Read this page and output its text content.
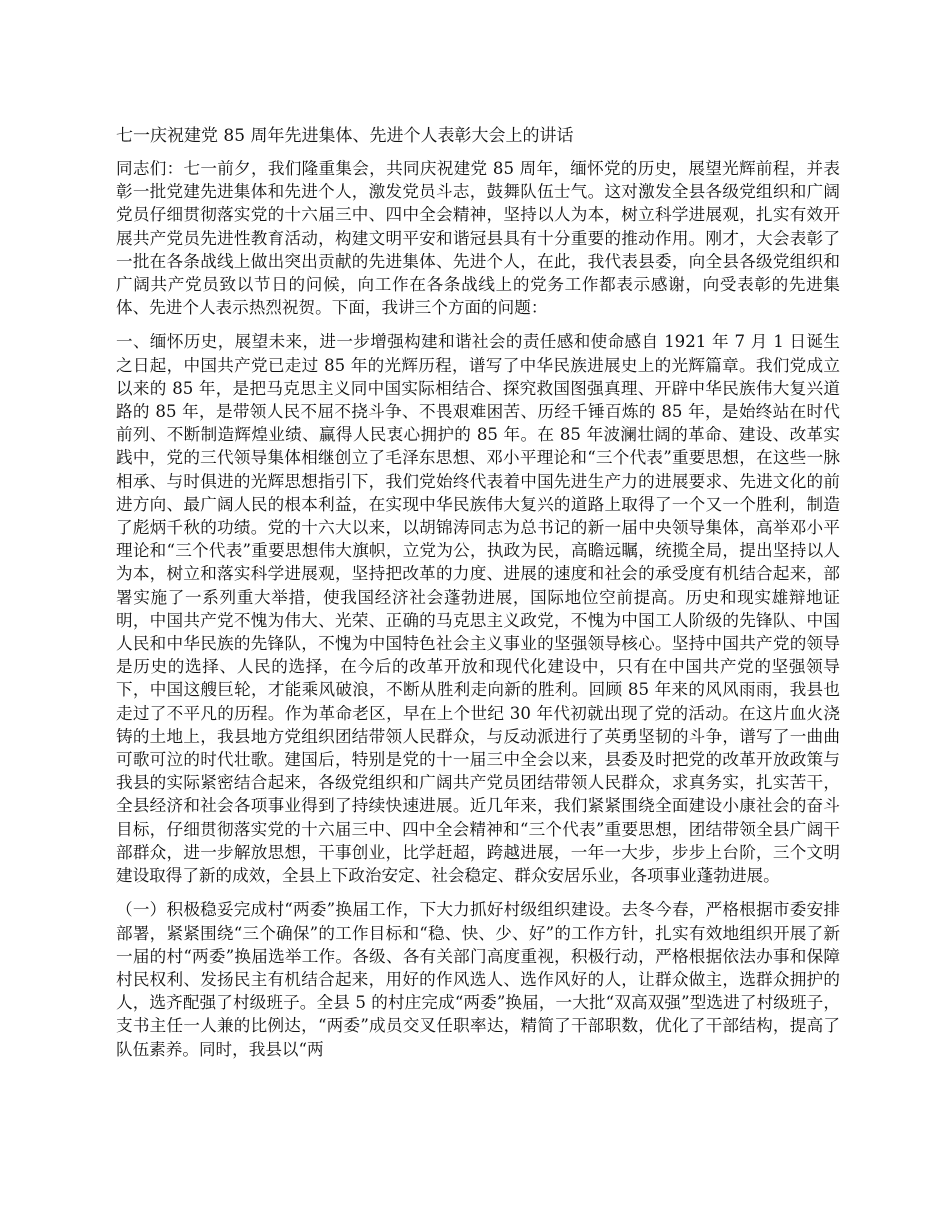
七一庆祝建党 85 周年先进集体、先进个人表彰大会上的讲话

同志们：七一前夕，我们隆重集会，共同庆祝建党 85 周年，缅怀党的历史，展望光辉前程，并表彰一批党建先进集体和先进个人，激发党员斗志，鼓舞队伍士气。这对激发全县各级党组织和广阔党员仔细贯彻落实党的十六届三中、四中全会精神，坚持以人为本，树立科学进展观，扎实有效开展共产党员先进性教育活动，构建文明平安和谐冠县具有十分重要的推动作用。刚才，大会表彰了一批在各条战线上做出突出贡献的先进集体、先进个人，在此，我代表县委，向全县各级党组织和广阔共产党员致以节日的问候，向工作在各条战线上的党务工作都表示感谢，向受表彰的先进集体、先进个人表示热烈祝贺。下面，我讲三个方面的问题：

一、缅怀历史，展望未来，进一步增强构建和谐社会的责任感和使命感自 1921 年 7 月 1 日诞生之日起，中国共产党已走过 85 年的光辉历程，谱写了中华民族进展史上的光辉篇章。我们党成立以来的 85 年，是把马克思主义同中国实际相结合、探究救国图强真理、开辟中华民族伟大复兴道路的 85 年，是带领人民不屈不挠斗争、不畏艰难困苦、历经千锤百炼的 85 年，是始终站在时代前列、不断制造辉煌业绩、赢得人民衷心拥护的 85 年。在 85 年波澜壮阔的革命、建设、改革实践中，党的三代领导集体相继创立了毛泽东思想、邓小平理论和“三个代表”重要思想，在这些一脉相承、与时俱进的光辉思想指引下，我们党始终代表着中国先进生产力的进展要求、先进文化的前进方向、最广阔人民的根本利益，在实现中华民族伟大复兴的道路上取得了一个又一个胜利，制造了彪炳千秋的功绩。党的十六大以来，以胡锦涛同志为总书记的新一届中央领导集体，高举邓小平理论和“三个代表”重要思想伟大旗帜，立党为公，执政为民，高瞻远瞩，统揽全局，提出坚持以人为本，树立和落实科学进展观，坚持把改革的力度、进展的速度和社会的承受度有机结合起来，部署实施了一系列重大举措，使我国经济社会蓬勃进展，国际地位空前提高。历史和现实雄辩地证明，中国共产党不愧为伟大、光荣、正确的马克思主义政党，不愧为中国工人阶级的先锋队、中国人民和中华民族的先锋队，不愧为中国特色社会主义事业的坚强领导核心。坚持中国共产党的领导是历史的选择、人民的选择，在今后的改革开放和现代化建设中，只有在中国共产党的坚强领导下，中国这艘巨轮，才能乘风破浪，不断从胜利走向新的胜利。回顾 85 年来的风风雨雨，我县也走过了不平凡的历程。作为革命老区，早在上个世纪 30 年代初就出现了党的活动。在这片血火浇铸的土地上，我县地方党组织团结带领人民群众，与反动派进行了英勇坚韧的斗争，谱写了一曲曲可歌可泣的时代壮歌。建国后，特别是党的十一届三中全会以来，县委及时把党的改革开放政策与我县的实际紧密结合起来，各级党组织和广阔共产党员团结带领人民群众，求真务实，扎实苦干，全县经济和社会各项事业得到了持续快速进展。近几年来，我们紧紧围绕全面建设小康社会的奋斗目标，仔细贯彻落实党的十六届三中、四中全会精神和“三个代表”重要思想，团结带领全县广阔干部群众，进一步解放思想，干事创业，比学赶超，跨越进展，一年一大步，步步上台阶，三个文明建设取得了新的成效，全县上下政治安定、社会稳定、群众安居乐业，各项事业蓬勃进展。

（一）积极稳妥完成村“两委”换届工作，下大力抓好村级组织建设。去冬今春，严格根据市委安排部署，紧紧围绕“三个确保”的工作目标和“稳、快、少、好”的工作方针，扎实有效地组织开展了新一届的村“两委”换届选举工作。各级、各有关部门高度重视，积极行动，严格根据依法办事和保障村民权利、发扬民主有机结合起来，用好的作风选人、选作风好的人，让群众做主，选群众拥护的人，选齐配强了村级班子。全县 5 的村庄完成“两委”换届，一大批“双高双强”型选进了村级班子，支书主任一人兼的比例达，“两委”成员交叉任职率达，精简了干部职数，优化了干部结构，提高了队伍素养。同时，我县以“两
